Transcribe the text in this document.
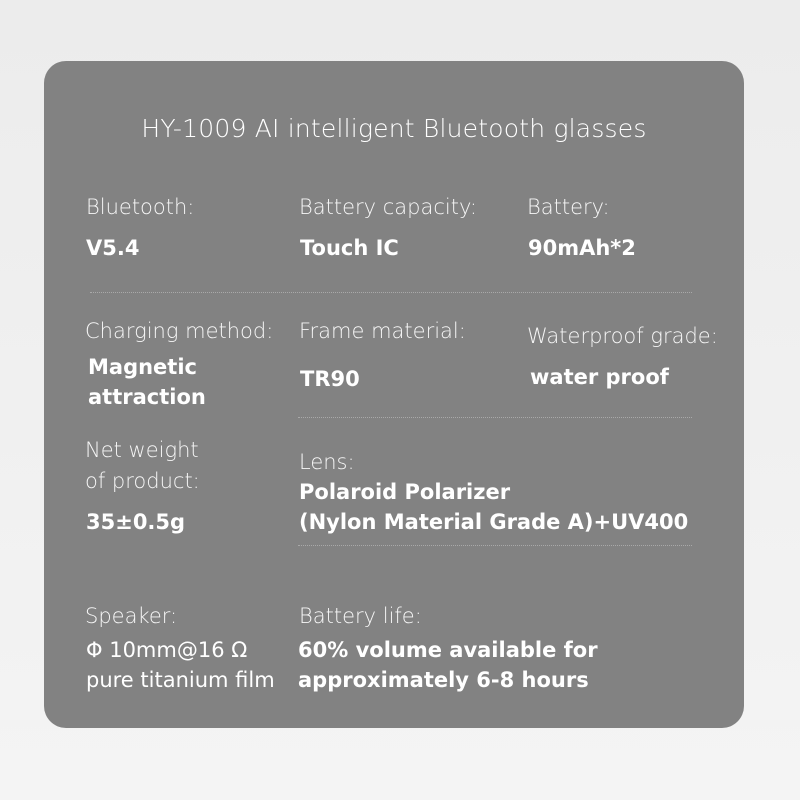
HY-1009 AI intelligent Bluetooth glasses
Bluetooth:
V5.4
Battery capacity:
Touch IC
Battery:
90mAh*2
Charging method:
Magnetic
attraction
Frame material:
TR90
Waterproof grade:
water proof
Net weight
of product:
35±0.5g
Lens:
Polaroid Polarizer
(Nylon Material Grade A)+UV400
Speaker:
Φ 10mm@16 Ω
pure titanium film
Battery life:
60% volume available for
approximately 6-8 hours
